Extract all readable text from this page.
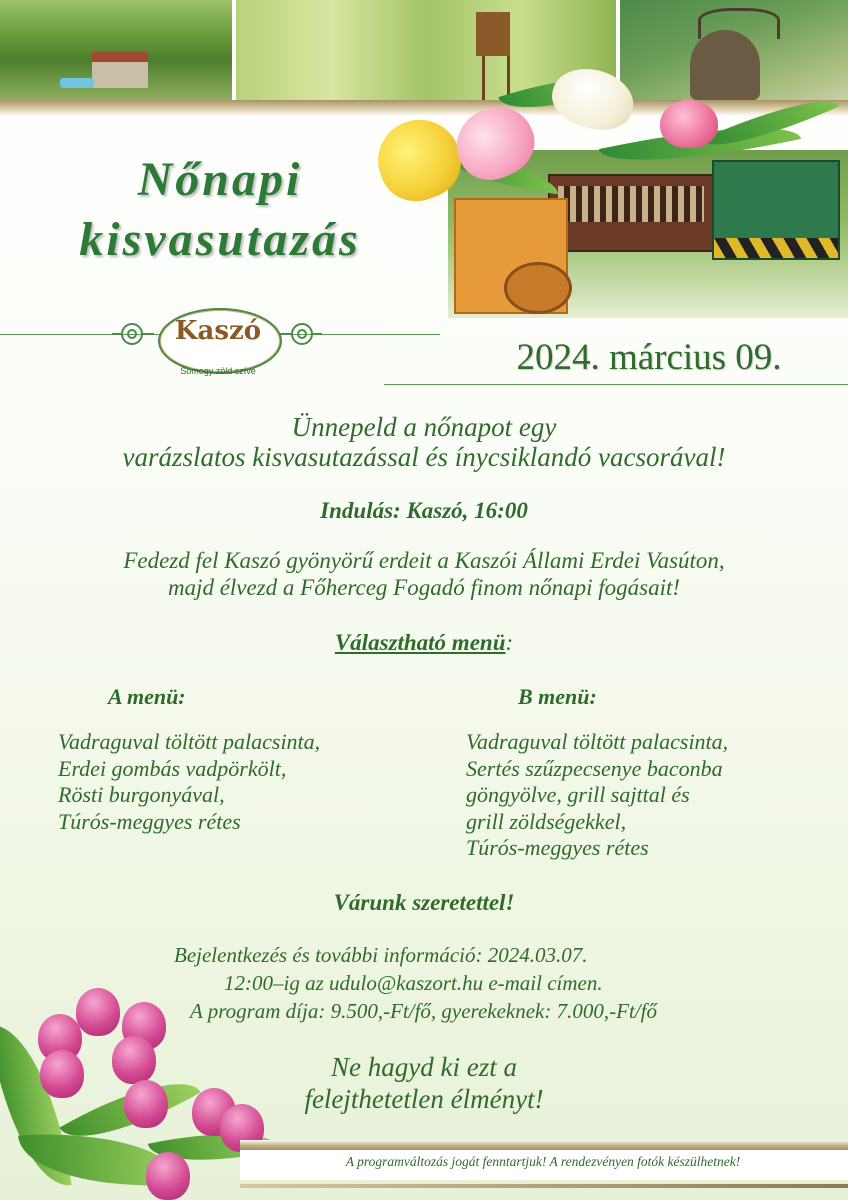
Nőnapi
kisvasutazás
Kaszó
Somogy zöld szíve	2024. március 09.

Ünnepeld a nőnapot egy
varázslatos kisvasutazással és ínycsiklandó vacsorával!

Indulás: Kaszó, 16:00

Fedezd fel Kaszó gyönyörű erdeit a Kaszói Állami Erdei Vasúton,
majd élvezd a Főherceg Fogadó finom nőnapi fogásait!

Választható menü:

A menü:	B menü:

Vadraguval töltött palacsinta,
Erdei gombás vadpörkölt,
Rösti burgonyával,
Túrós-meggyes rétes
Vadraguval töltött palacsinta,
Sertés szűzpecsenye baconba
göngyölve, grill sajttal és
grill zöldségekkel,
Túrós-meggyes rétes

Várunk szeretettel!

Bejelentkezés és további információ: 2024.03.07.

12:00–ig az udulo@kaszort.hu e-mail címen.

A program díja: 9.500,-Ft/fő, gyerekeknek: 7.000,-Ft/fő

Ne hagyd ki ezt a
felejthetetlen élményt!

A programváltozás jogát fenntartjuk! A rendezvényen fotók készülhetnek!
